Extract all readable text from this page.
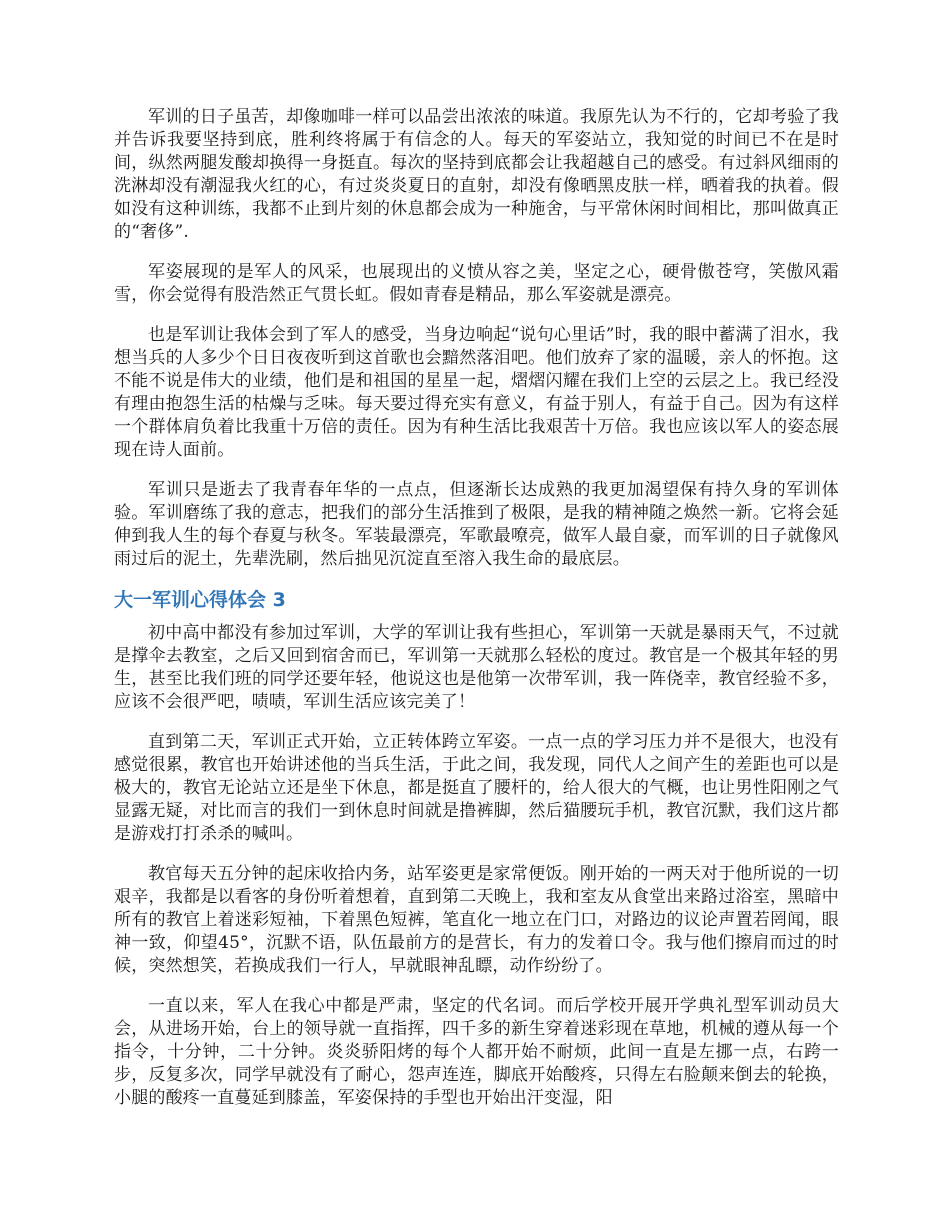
军训的日子虽苦，却像咖啡一样可以品尝出浓浓的味道。我原先认为不行的，它却考验了我并告诉我要坚持到底，胜利终将属于有信念的人。每天的军姿站立，我知觉的时间已不在是时间，纵然两腿发酸却换得一身挺直。每次的坚持到底都会让我超越自己的感受。有过斜风细雨的洗淋却没有潮湿我火红的心，有过炎炎夏日的直射，却没有像晒黑皮肤一样，晒着我的执着。假如没有这种训练，我都不止到片刻的休息都会成为一种施舍，与平常休闲时间相比，那叫做真正的“奢侈”.

军姿展现的是军人的风采，也展现出的义愤从容之美，坚定之心，硬骨傲苍穹，笑傲风霜雪，你会觉得有股浩然正气贯长虹。假如青春是精品，那么军姿就是漂亮。

也是军训让我体会到了军人的感受，当身边响起“说句心里话”时，我的眼中蓄满了泪水，我想当兵的人多少个日日夜夜听到这首歌也会黯然落泪吧。他们放弃了家的温暖，亲人的怀抱。这不能不说是伟大的业绩，他们是和祖国的星星一起，熠熠闪耀在我们上空的云层之上。我已经没有理由抱怨生活的枯燥与乏味。每天要过得充实有意义，有益于别人，有益于自己。因为有这样一个群体肩负着比我重十万倍的责任。因为有种生活比我艰苦十万倍。我也应该以军人的姿态展现在诗人面前。

军训只是逝去了我青春年华的一点点，但逐渐长达成熟的我更加渴望保有持久身的军训体验。军训磨练了我的意志，把我们的部分生活推到了极限，是我的精神随之焕然一新。它将会延伸到我人生的每个春夏与秋冬。军装最漂亮，军歌最嘹亮，做军人最自豪，而军训的日子就像风雨过后的泥土，先辈洗刷，然后拙见沉淀直至溶入我生命的最底层。

大一军训心得体会 3

初中高中都没有参加过军训，大学的军训让我有些担心，军训第一天就是暴雨天气，不过就是撑伞去教室，之后又回到宿舍而已，军训第一天就那么轻松的度过。教官是一个极其年轻的男生，甚至比我们班的同学还要年轻，他说这也是他第一次带军训，我一阵侥幸，教官经验不多，应该不会很严吧，啧啧，军训生活应该完美了！

直到第二天，军训正式开始，立正转体跨立军姿。一点一点的学习压力并不是很大，也没有感觉很累，教官也开始讲述他的当兵生活，于此之间，我发现，同代人之间产生的差距也可以是极大的，教官无论站立还是坐下休息，都是挺直了腰杆的，给人很大的气概，也让男性阳刚之气显露无疑，对比而言的我们一到休息时间就是撸裤脚，然后猫腰玩手机，教官沉默，我们这片都是游戏打打杀杀的喊叫。

教官每天五分钟的起床收拾内务，站军姿更是家常便饭。刚开始的一两天对于他所说的一切艰辛，我都是以看客的身份听着想着，直到第二天晚上，我和室友从食堂出来路过浴室，黑暗中所有的教官上着迷彩短袖，下着黑色短裤，笔直化一地立在门口，对路边的议论声置若罔闻，眼神一致，仰望45°，沉默不语，队伍最前方的是营长，有力的发着口令。我与他们擦肩而过的时候，突然想笑，若换成我们一行人，早就眼神乱瞟，动作纷纷了。

一直以来，军人在我心中都是严肃，坚定的代名词。而后学校开展开学典礼型军训动员大会，从进场开始，台上的领导就一直指挥，四千多的新生穿着迷彩现在草地，机械的遵从每一个指令，十分钟，二十分钟。炎炎骄阳烤的每个人都开始不耐烦，此间一直是左挪一点，右跨一步，反复多次，同学早就没有了耐心，怨声连连，脚底开始酸疼，只得左右脸颠来倒去的轮换，小腿的酸疼一直蔓延到膝盖，军姿保持的手型也开始出汗变湿，阳
